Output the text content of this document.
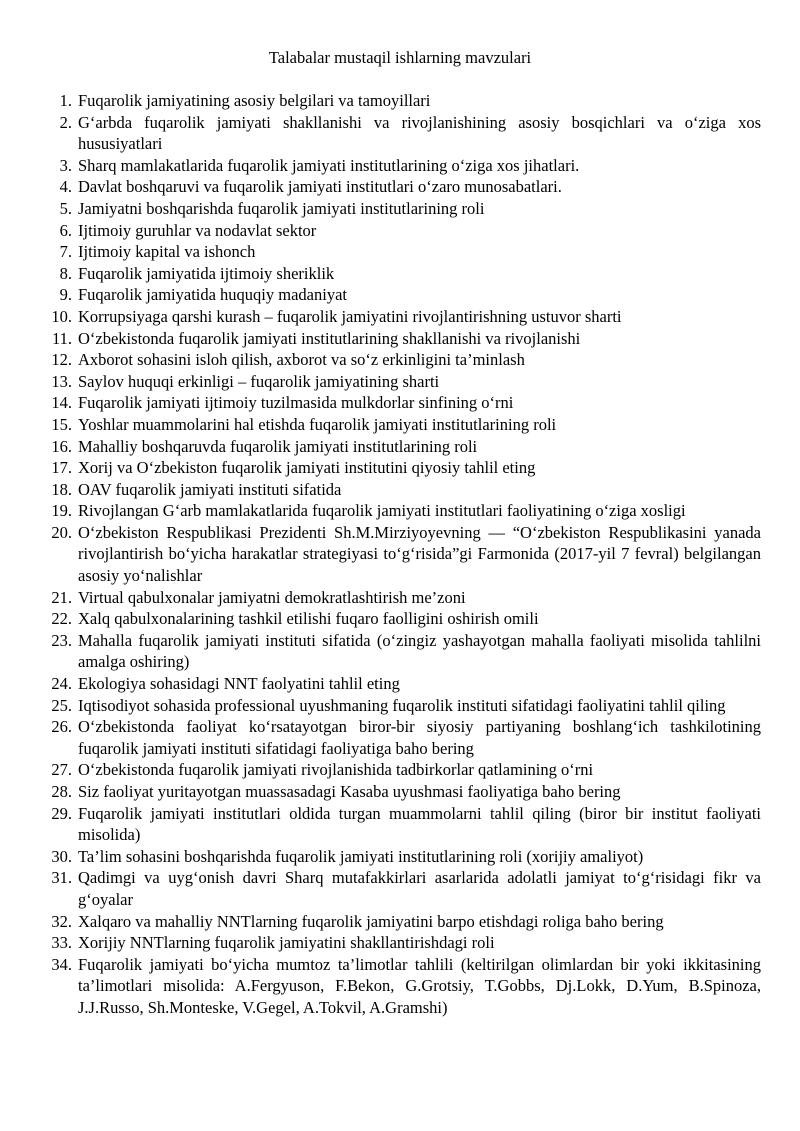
Talabalar mustaqil ishlarning mavzulari
1. Fuqarolik jamiyatining asosiy belgilari va tamoyillari
2. G‘arbda fuqarolik jamiyati shakllanishi va rivojlanishining asosiy bosqichlari va o‘ziga xos hususiyatlari
3. Sharq mamlakatlarida fuqarolik jamiyati institutlarining o‘ziga xos jihatlari.
4. Davlat boshqaruvi va fuqarolik jamiyati institutlari o‘zaro munosabatlari.
5. Jamiyatni boshqarishda fuqarolik jamiyati institutlarining roli
6. Ijtimoiy guruhlar va nodavlat sektor
7. Ijtimoiy kapital va ishonch
8. Fuqarolik jamiyatida ijtimoiy sheriklik
9. Fuqarolik jamiyatida huquqiy madaniyat
10. Korrupsiyaga qarshi kurash – fuqarolik jamiyatini rivojlantirishning ustuvor sharti
11. O‘zbekistonda fuqarolik jamiyati institutlarining shakllanishi va rivojlanishi
12. Axborot sohasini isloh qilish, axborot va so‘z erkinligini ta’minlash
13. Saylov huquqi erkinligi – fuqarolik jamiyatining sharti
14. Fuqarolik jamiyati ijtimoiy tuzilmasida mulkdorlar sinfining o‘rni
15. Yoshlar muammolarini hal etishda fuqarolik jamiyati institutlarining roli
16. Mahalliy boshqaruvda fuqarolik jamiyati institutlarining roli
17. Xorij va O‘zbekiston fuqarolik jamiyati institutini qiyosiy tahlil eting
18. OAV fuqarolik jamiyati instituti sifatida
19. Rivojlangan G‘arb mamlakatlarida fuqarolik jamiyati institutlari faoliyatining o‘ziga xosligi
20. O‘zbekiston Respublikasi Prezidenti Sh.M.Mirziyoyevning — “O‘zbekiston Respublikasini yanada rivojlantirish bo‘yicha harakatlar strategiyasi to‘g‘risida”gi Farmonida (2017-yil 7 fevral) belgilangan asosiy yo‘nalishlar
21. Virtual qabulxonalar jamiyatni demokratlashtirish me’zoni
22. Xalq qabulxonalarining tashkil etilishi fuqaro faolligini oshirish omili
23. Mahalla fuqarolik jamiyati instituti sifatida (o‘zingiz yashayotgan mahalla faoliyati misolida tahlilni amalga oshiring)
24. Ekologiya sohasidagi NNT faolyatini tahlil eting
25. Iqtisodiyot sohasida professional uyushmaning fuqarolik instituti sifatidagi faoliyatini tahlil qiling
26. O‘zbekistonda faoliyat ko‘rsatayotgan biror-bir siyosiy partiyaning boshlang‘ich tashkilotining fuqarolik jamiyati instituti sifatidagi faoliyatiga baho bering
27. O‘zbekistonda fuqarolik jamiyati rivojlanishida tadbirkorlar qatlamining o‘rni
28. Siz faoliyat yuritayotgan muassasadagi Kasaba uyushmasi faoliyatiga baho bering
29. Fuqarolik jamiyati institutlari oldida turgan muammolarni tahlil qiling (biror bir institut faoliyati misolida)
30. Ta’lim sohasini boshqarishda fuqarolik jamiyati institutlarining roli (xorijiy amaliyot)
31. Qadimgi va uyg‘onish davri Sharq mutafakkirlari asarlarida adolatli jamiyat to‘g‘risidagi fikr va g‘oyalar
32. Xalqaro va mahalliy NNTlarning fuqarolik jamiyatini barpo etishdagi roliga baho bering
33. Xorijiy NNTlarning fuqarolik jamiyatini shakllantirishdagi roli
34. Fuqarolik jamiyati bo‘yicha mumtoz ta’limotlar tahlili (keltirilgan olimlardan bir yoki ikkitasining ta’limotlari misolida: A.Fergyuson, F.Bekon, G.Grotsiy, T.Gobbs, Dj.Lokk, D.Yum, B.Spinoza, J.J.Russo, Sh.Monteske, V.Gegel, A.Tokvil, A.Gramshi)
